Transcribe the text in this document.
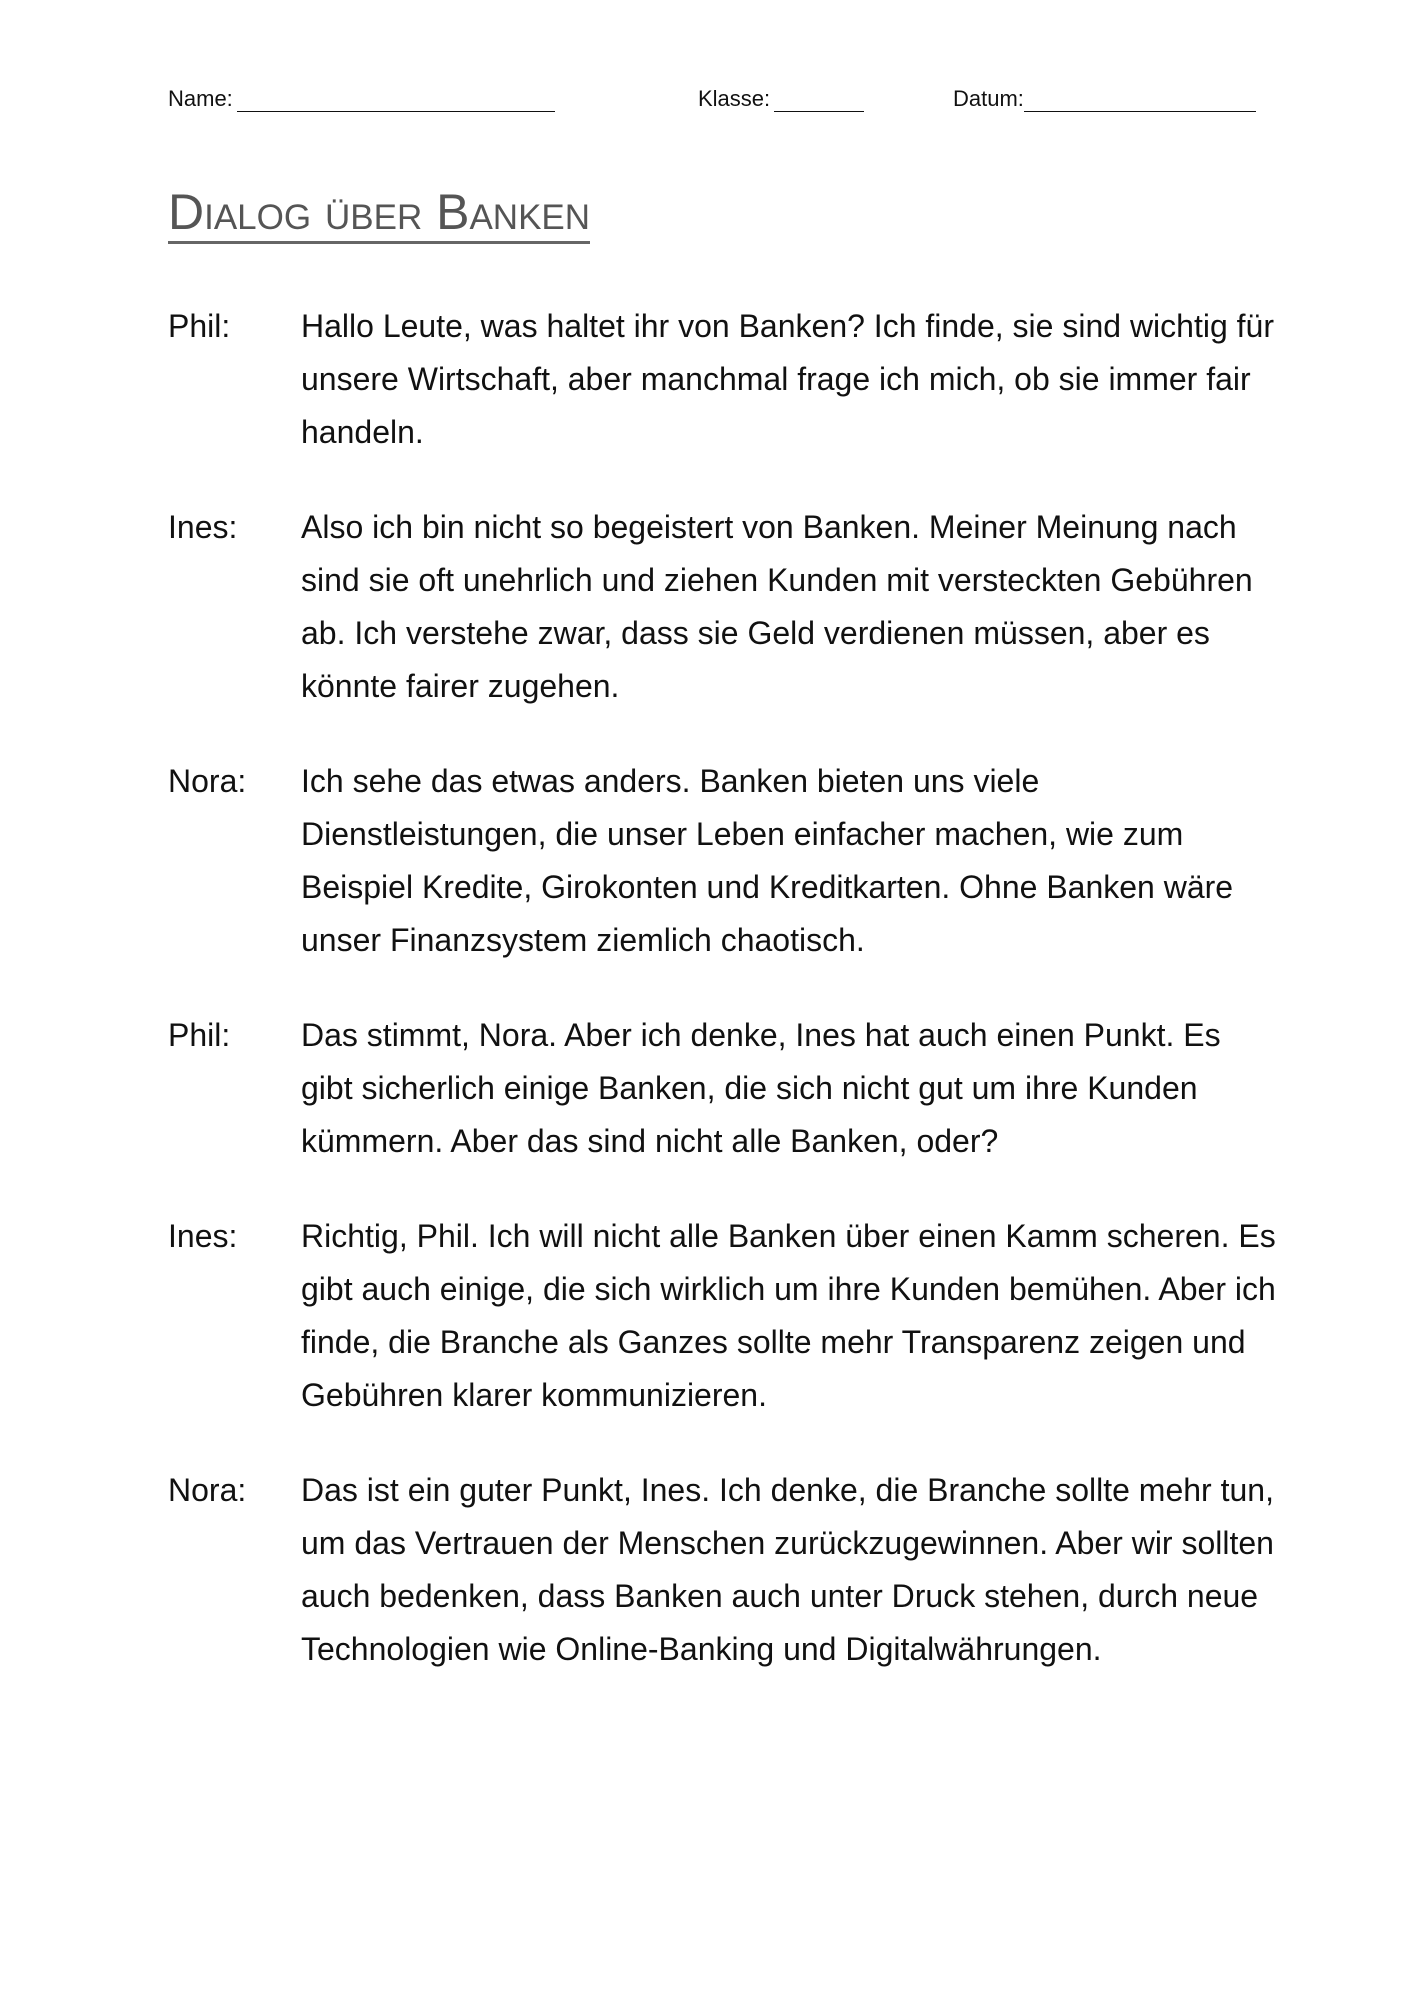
Name:	Klasse:	Datum:
Dialog über Banken
Phil:	Hallo Leute, was haltet ihr von Banken? Ich finde, sie sind wichtig für unsere Wirtschaft, aber manchmal frage ich mich, ob sie immer fair handeln.
Ines:	Also ich bin nicht so begeistert von Banken. Meiner Meinung nach sind sie oft unehrlich und ziehen Kunden mit versteckten Gebühren ab. Ich verstehe zwar, dass sie Geld verdienen müssen, aber es könnte fairer zugehen.
Nora:	Ich sehe das etwas anders. Banken bieten uns viele Dienstleistungen, die unser Leben einfacher machen, wie zum Beispiel Kredite, Girokonten und Kreditkarten. Ohne Banken wäre unser Finanzsystem ziemlich chaotisch.
Phil:	Das stimmt, Nora. Aber ich denke, Ines hat auch einen Punkt. Es gibt sicherlich einige Banken, die sich nicht gut um ihre Kunden kümmern. Aber das sind nicht alle Banken, oder?
Ines:	Richtig, Phil. Ich will nicht alle Banken über einen Kamm scheren. Es gibt auch einige, die sich wirklich um ihre Kunden bemühen. Aber ich finde, die Branche als Ganzes sollte mehr Transparenz zeigen und Gebühren klarer kommunizieren.
Nora:	Das ist ein guter Punkt, Ines. Ich denke, die Branche sollte mehr tun, um das Vertrauen der Menschen zurückzugewinnen. Aber wir sollten auch bedenken, dass Banken auch unter Druck stehen, durch neue Technologien wie Online-Banking und Digitalwährungen.
